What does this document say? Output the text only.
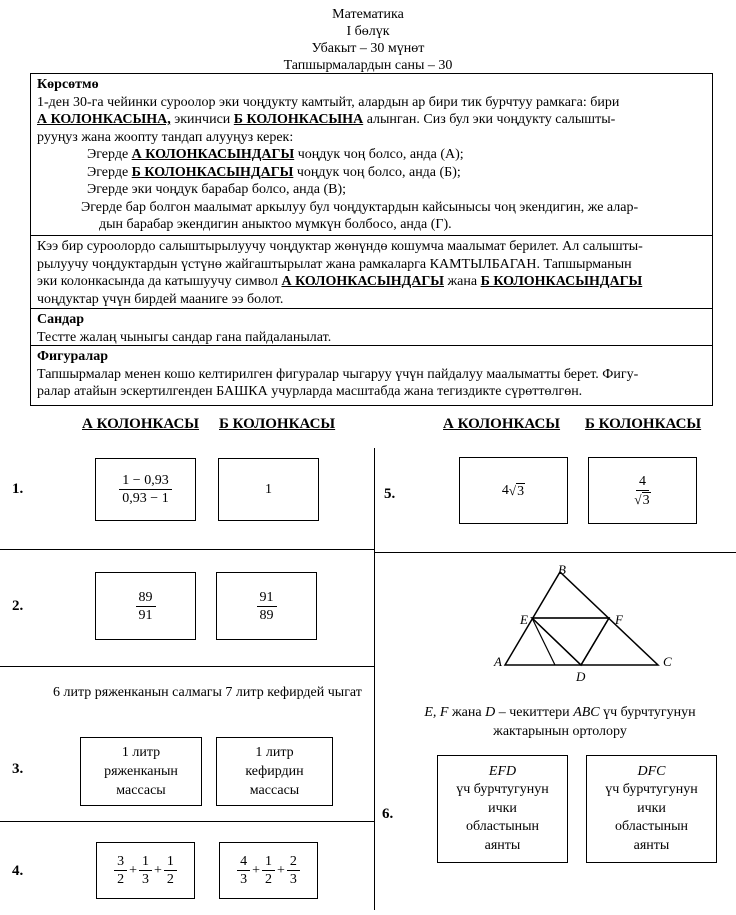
Математика
I бөлүк
Убакыт – 30 мүнөт
Тапшырмалардын саны – 30
Көрсөтмө
1-ден 30-га чейинки суроолор эки чоңдукту камтыйт, алардын ар бири тик бурчтуу рамкага: бири
А КОЛОНКАСЫНА, экинчиси Б КОЛОНКАСЫНА алынган. Сиз бул эки чоңдукту салышты-
рууңуз жана жоопту тандап алууңуз керек:
Эгерде А КОЛОНКАСЫНДАГЫ чоңдук чоң болсо, анда (А);
Эгерде Б КОЛОНКАСЫНДАГЫ чоңдук чоң болсо, анда (Б);
Эгерде эки чоңдук барабар болсо, анда (В);
Эгерде бар болгон маалымат аркылуу бул чоңдуктардын кайсынысы чоң экендигин, же алар-
дын барабар экендигин аныктоо мүмкүн болбосо, анда (Г).
Кээ бир суроолордо салыштырылуучу чоңдуктар жөнүндө кошумча маалымат берилет. Ал салышты-
рылуучу чоңдуктардын үстүнө жайгаштырылат жана рамкаларга КАМТЫЛБАГАН. Тапшырманын
эки колонкасында да катышуучу символ А КОЛОНКАСЫНДАГЫ жана Б КОЛОНКАСЫНДАГЫ
чоңдуктар үчүн бирдей мааниге ээ болот.
Сандар
Тестте жалаң чыныгы сандар гана пайдаланылат.
Фигуралар
Тапшырмалар менен кошо келтирилген фигуралар чыгаруу үчүн пайдалуу маалыматты берет. Фигу-
ралар атайын эскертилгенден БАШКА учурларда масштабда жана тегиздикте сүрөттөлгөн.
А КОЛОНКАСЫ Б КОЛОНКАСЫ	А КОЛОНКАСЫ Б КОЛОНКАСЫ
1.	$\frac{1 - 0,93}{0,93 - 1}$	1
2.	$\frac{89}{91}$	$\frac{91}{89}$
6 литр ряженканын салмагы 7 литр кефирдей чыгат
3.
1 литр
ряженканын
массасы
1 литр
кефирдин
массасы
4.	$\frac{3}{2} + \frac{1}{3} + \frac{1}{2}$	$\frac{4}{3} + \frac{1}{2} + \frac{2}{3}$
5.	4 √ 3	$\frac{4}{√3}$
B
E	F
A
D
C
E, F жана D – чекиттери ABC үч бурчтугунун
жактарынын ортолору
6.
EFD
үч бурчтугунун
ички
областынын
аянты
DFC
үч бурчтугунун
ички
областынын
аянты
